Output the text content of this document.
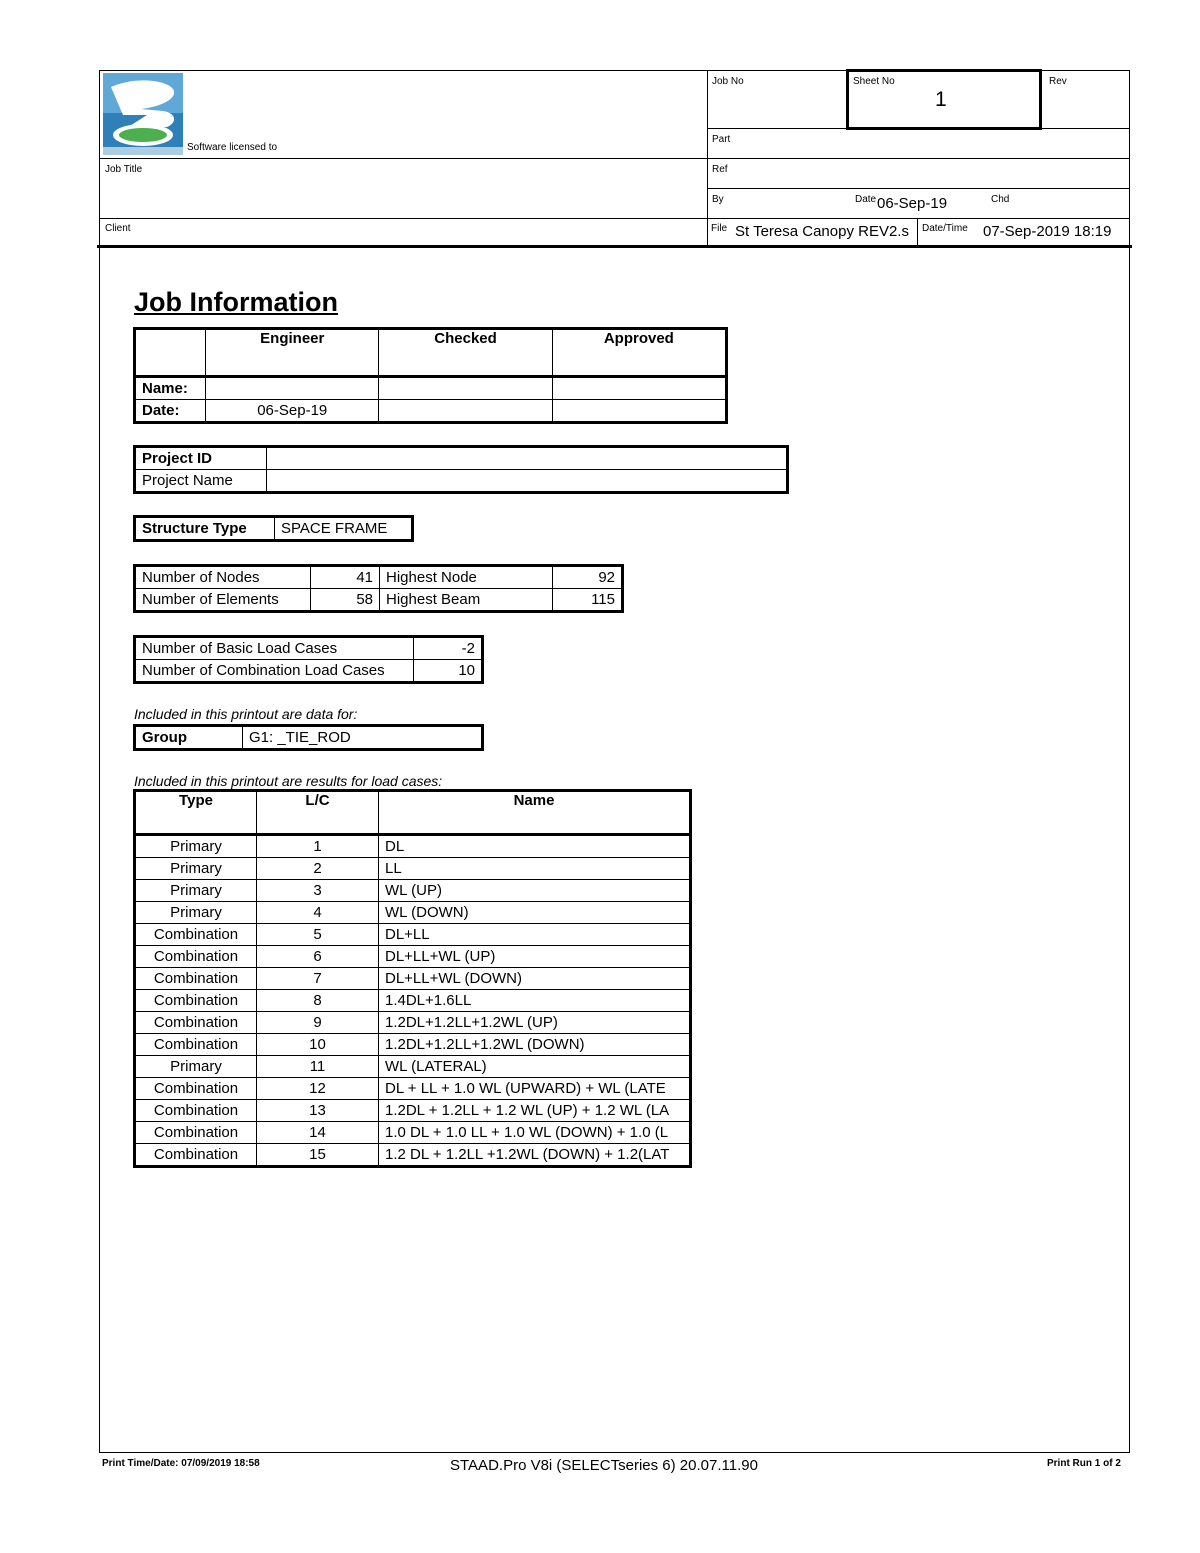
Software licensed to
Job No	Sheet No
1
Rev
Part
Job Title	Ref
By	Date 06-Sep-19	Chd
Client	File St Teresa Canopy REV2.s	Date/Time 07-Sep-2019 18:19
Job Information
	Engineer	Checked	Approved
Name:			
Date:	06-Sep-19		
Project ID	
Project Name	
Structure Type	SPACE FRAME
Number of Nodes	41	Highest Node	92
Number of Elements	58	Highest Beam	115
Number of Basic Load Cases	-2
Number of Combination Load Cases	10
Included in this printout are data for:
Group	G1: _TIE_ROD
Included in this printout are results for load cases:
Type	L/C	Name
Primary	1	DL
Primary	2	LL
Primary	3	WL (UP)
Primary	4	WL (DOWN)
Combination	5	DL+LL
Combination	6	DL+LL+WL (UP)
Combination	7	DL+LL+WL (DOWN)
Combination	8	1.4DL+1.6LL
Combination	9	1.2DL+1.2LL+1.2WL (UP)
Combination	10	1.2DL+1.2LL+1.2WL (DOWN)
Primary	11	WL (LATERAL)
Combination	12	DL + LL + 1.0 WL (UPWARD) + WL (LATE
Combination	13	1.2DL + 1.2LL + 1.2 WL (UP) + 1.2 WL (LA
Combination	14	1.0 DL + 1.0 LL + 1.0 WL (DOWN) + 1.0 (L
Combination	15	1.2 DL + 1.2LL +1.2WL (DOWN) + 1.2(LAT
Print Time/Date: 07/09/2019 18:58	STAAD.Pro V8i (SELECTseries 6) 20.07.11.90	Print Run 1 of 2
